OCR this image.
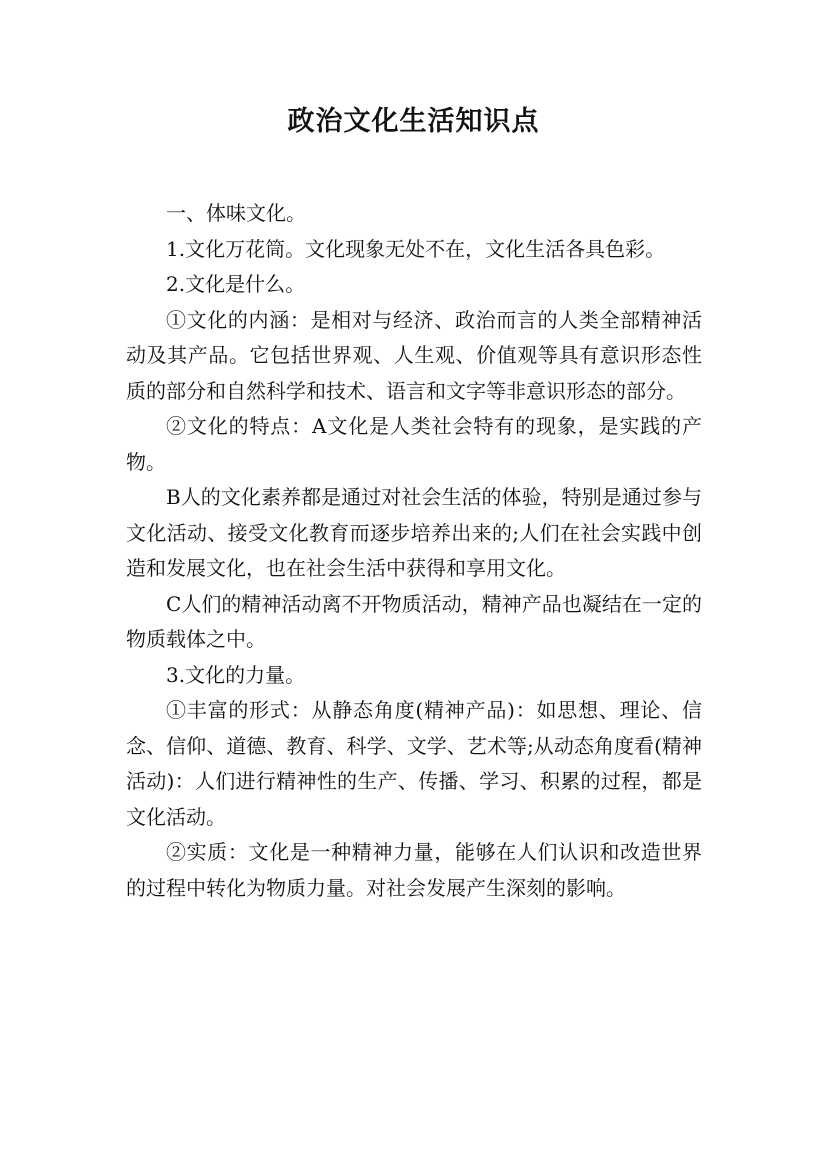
政治文化生活知识点

一、体味文化。

1.文化万花筒。文化现象无处不在，文化生活各具色彩。

2.文化是什么。

①文化的内涵：是相对与经济、政治而言的人类全部精神活动及其产品。它包括世界观、人生观、价值观等具有意识形态性质的部分和自然科学和技术、语言和文字等非意识形态的部分。

②文化的特点：A文化是人类社会特有的现象，是实践的产物。

B人的文化素养都是通过对社会生活的体验，特别是通过参与文化活动、接受文化教育而逐步培养出来的;人们在社会实践中创造和发展文化，也在社会生活中获得和享用文化。

C人们的精神活动离不开物质活动，精神产品也凝结在一定的物质载体之中。

3.文化的力量。

①丰富的形式：从静态角度(精神产品)：如思想、理论、信念、信仰、道德、教育、科学、文学、艺术等;从动态角度看(精神活动)：人们进行精神性的生产、传播、学习、积累的过程，都是文化活动。

②实质：文化是一种精神力量，能够在人们认识和改造世界的过程中转化为物质力量。对社会发展产生深刻的影响。
